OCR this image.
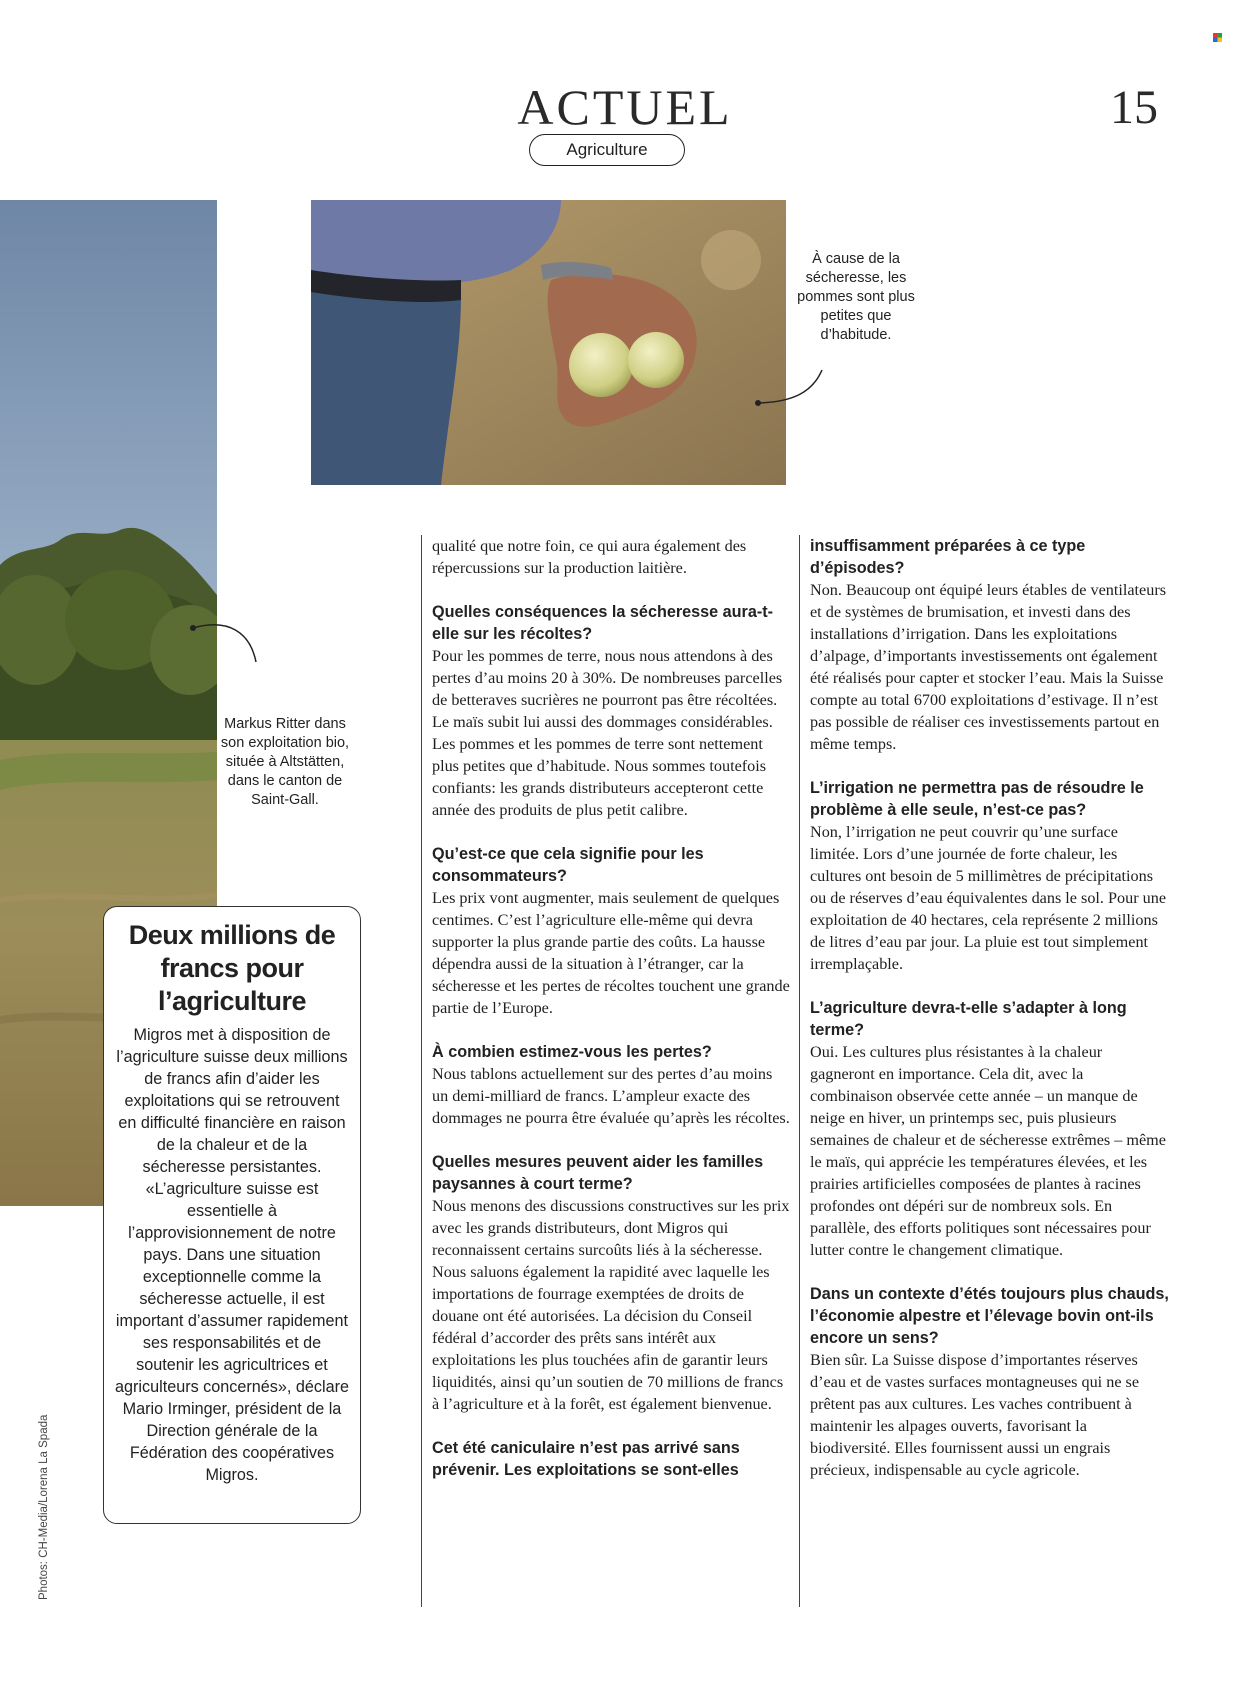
ACTUEL	15
Agriculture
À cause de la sécheresse, les pommes sont plus petites que d’habitude.
Markus Ritter dans son exploitation bio, située à Altstätten, dans le canton de Saint-Gall.
Deux millions de francs pour l’agriculture
Migros met à disposition de l’agriculture suisse deux millions de francs afin d’aider les exploitations qui se retrouvent en difficulté financière en raison de la chaleur et de la sécheresse persistantes. «L’agriculture suisse est essentielle à l’approvisionnement de notre pays. Dans une situation exceptionnelle comme la sécheresse actuelle, il est important d’assumer rapidement ses responsabilités et de soutenir les agricultrices et agriculteurs concernés», déclare Mario Irminger, président de la Direction générale de la Fédération des coopératives Migros.
Photos: CH-Media/Lorena La Spada
qualité que notre foin, ce qui aura également des répercussions sur la production laitière.
Quelles conséquences la sécheresse aura-t-elle sur les récoltes?
Pour les pommes de terre, nous nous attendons à des pertes d’au moins 20 à 30%. De nombreuses parcelles de betteraves sucrières ne pourront pas être récoltées. Le maïs subit lui aussi des dommages considérables. Les pommes et les pommes de terre sont nettement plus petites que d’habitude. Nous sommes toutefois confiants: les grands distributeurs accepteront cette année des produits de plus petit calibre.
Qu’est-ce que cela signifie pour les consommateurs?
Les prix vont augmenter, mais seulement de quelques centimes. C’est l’agriculture elle-même qui devra supporter la plus grande partie des coûts. La hausse dépendra aussi de la situation à l’étranger, car la sécheresse et les pertes de récoltes touchent une grande partie de l’Europe.
À combien estimez-vous les pertes?
Nous tablons actuellement sur des pertes d’au moins un demi-milliard de francs. L’ampleur exacte des dommages ne pourra être évaluée qu’après les récoltes.
Quelles mesures peuvent aider les familles paysannes à court terme?
Nous menons des discussions constructives sur les prix avec les grands distributeurs, dont Migros qui reconnaissent certains surcoûts liés à la sécheresse. Nous saluons également la rapidité avec laquelle les importations de fourrage exemptées de droits de douane ont été autorisées. La décision du Conseil fédéral d’accorder des prêts sans intérêt aux exploitations les plus touchées afin de garantir leurs liquidités, ainsi qu’un soutien de 70 millions de francs à l’agriculture et à la forêt, est également bienvenue.
Cet été caniculaire n’est pas arrivé sans prévenir. Les exploitations se sont-elles
insuffisamment préparées à ce type d’épisodes?
Non. Beaucoup ont équipé leurs étables de ventilateurs et de systèmes de brumisation, et investi dans des installations d’irrigation. Dans les exploitations d’alpage, d’importants investissements ont également été réalisés pour capter et stocker l’eau. Mais la Suisse compte au total 6700 exploitations d’estivage. Il n’est pas possible de réaliser ces investissements partout en même temps.
L’irrigation ne permettra pas de résoudre le problème à elle seule, n’est-ce pas?
Non, l’irrigation ne peut couvrir qu’une surface limitée. Lors d’une journée de forte chaleur, les cultures ont besoin de 5 millimètres de précipitations ou de réserves d’eau équivalentes dans le sol. Pour une exploitation de 40 hectares, cela représente 2 millions de litres d’eau par jour. La pluie est tout simplement irremplaçable.
L’agriculture devra-t-elle s’adapter à long terme?
Oui. Les cultures plus résistantes à la chaleur gagneront en importance. Cela dit, avec la combinaison observée cette année – un manque de neige en hiver, un printemps sec, puis plusieurs semaines de chaleur et de sécheresse extrêmes – même le maïs, qui apprécie les températures élevées, et les prairies artificielles composées de plantes à racines profondes ont dépéri sur de nombreux sols. En parallèle, des efforts politiques sont nécessaires pour lutter contre le changement climatique.
Dans un contexte d’étés toujours plus chauds, l’économie alpestre et l’élevage bovin ont-ils encore un sens?
Bien sûr. La Suisse dispose d’importantes réserves d’eau et de vastes surfaces montagneuses qui ne se prêtent pas aux cultures. Les vaches contribuent à maintenir les alpages ouverts, favorisant la biodiversité. Elles fournissent aussi un engrais précieux, indispensable au cycle agricole.
